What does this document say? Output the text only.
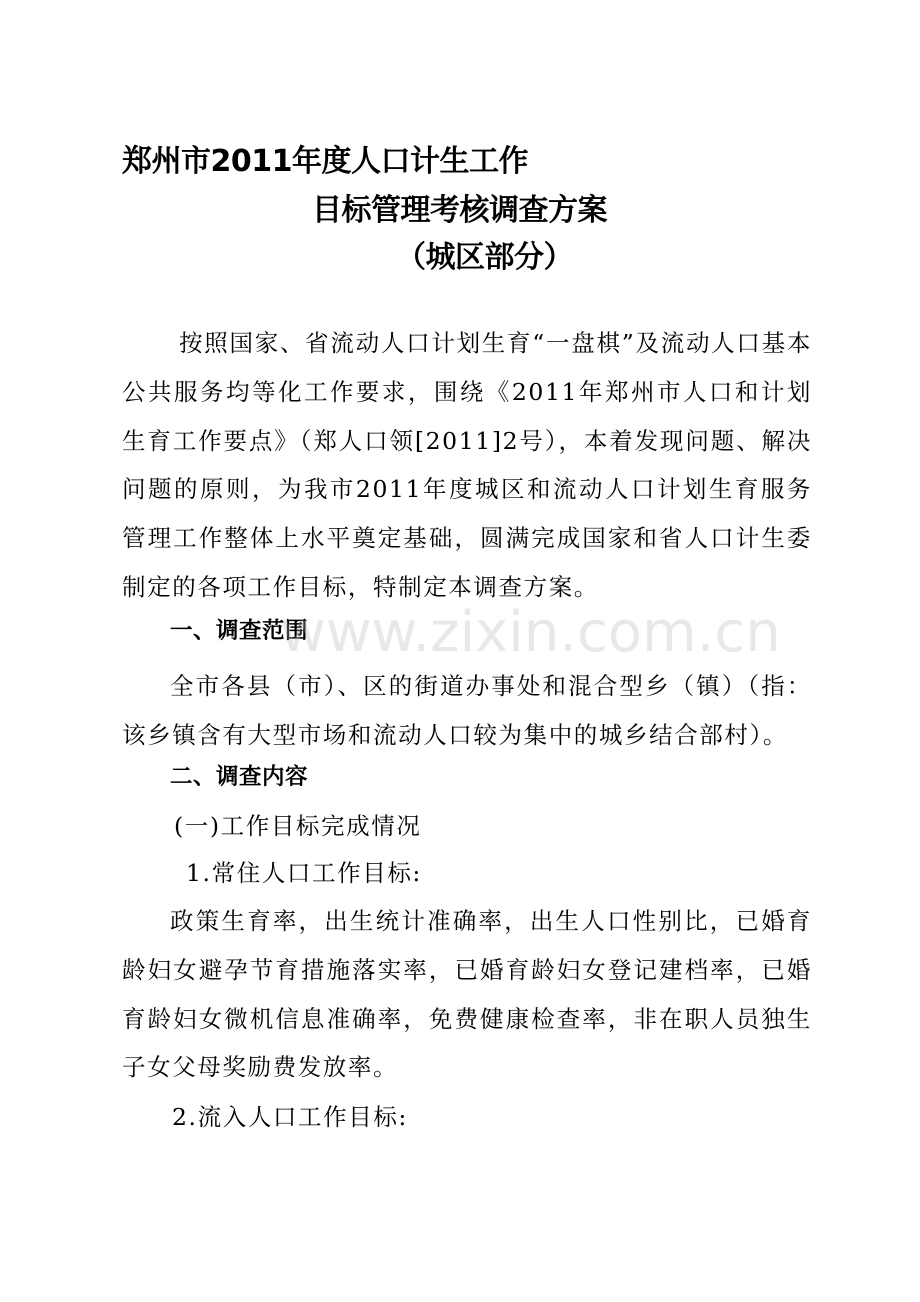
郑州市2011年度人口计生工作
目标管理考核调查方案
（城区部分）
按照国家、省流动人口计划生育“一盘棋”及流动人口基本公共服务均等化工作要求，围绕《2011年郑州市人口和计划生育工作要点》（郑人口领[2011]2号），本着发现问题、解决问题的原则，为我市2011年度城区和流动人口计划生育服务管理工作整体上水平奠定基础，圆满完成国家和省人口计生委制定的各项工作目标，特制定本调查方案。
一、调查范围
全市各县（市）、区的街道办事处和混合型乡（镇）（指：该乡镇含有大型市场和流动人口较为集中的城乡结合部村）。
二、调查内容
(一)工作目标完成情况
1.常住人口工作目标:
政策生育率，出生统计准确率，出生人口性别比，已婚育龄妇女避孕节育措施落实率，已婚育龄妇女登记建档率，已婚育龄妇女微机信息准确率，免费健康检查率，非在职人员独生子女父母奖励费发放率。
2.流入人口工作目标:
www.zixin.com.cn
